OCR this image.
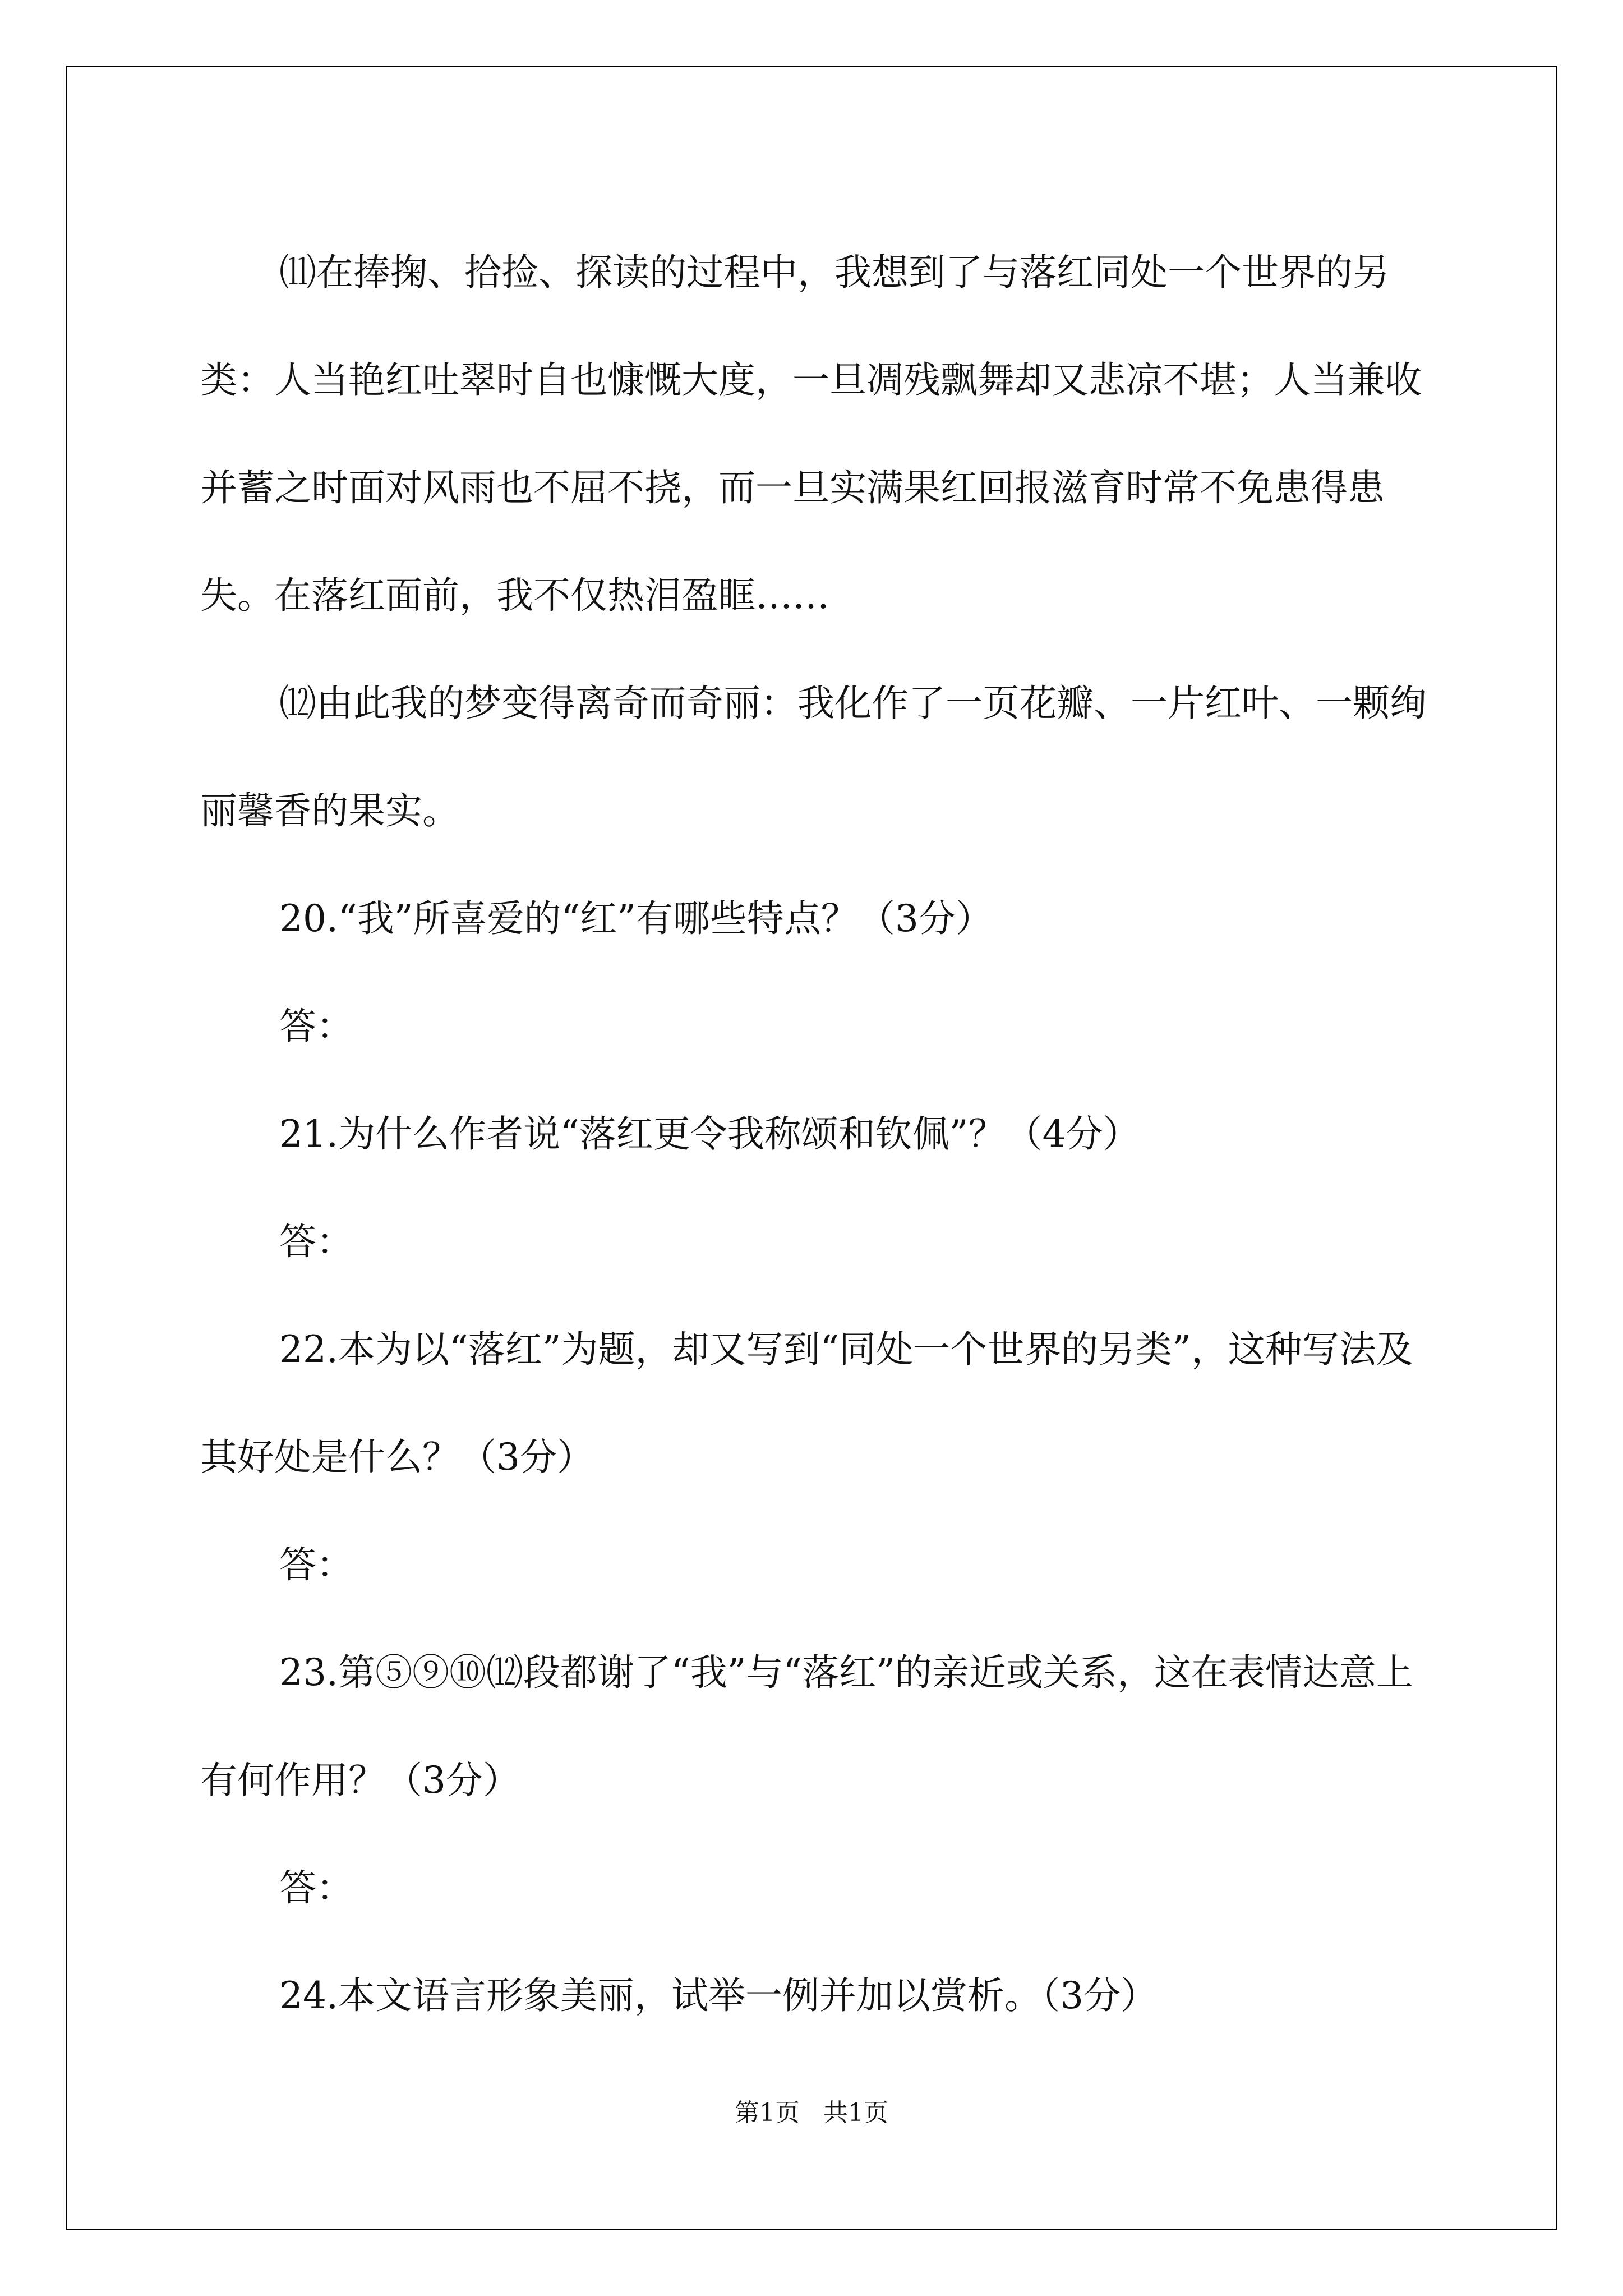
⑾在捧掬、拾捡、探读的过程中，我想到了与落红同处一个世界的另类：人当艳红吐翠时自也慷慨大度，一旦凋残飘舞却又悲凉不堪；人当兼收并蓄之时面对风雨也不屈不挠，而一旦实满果红回报滋育时常不免患得患失。在落红面前，我不仅热泪盈眶……

⑿由此我的梦变得离奇而奇丽：我化作了一页花瓣、一片红叶、一颗绚丽馨香的果实。

20.“我”所喜爱的“红”有哪些特点？（3分）

答：

21.为什么作者说“落红更令我称颂和钦佩”？（4分）

答：

22.本为以“落红”为题，却又写到“同处一个世界的另类”，这种写法及其好处是什么？（3分）

答：

23.第⑤⑨⑩⑿段都谢了“我”与“落红”的亲近或关系，这在表情达意上有何作用？（3分）

答：

24.本文语言形象美丽，试举一例并加以赏析。（3分）

第1页 共1页
